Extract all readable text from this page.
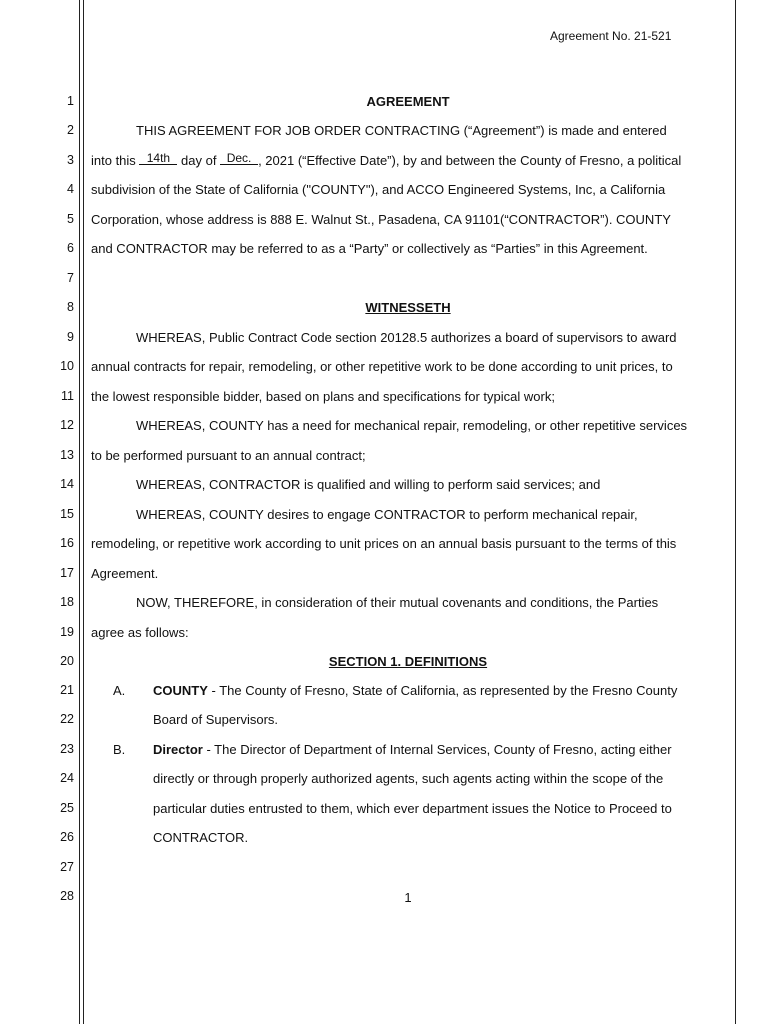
Agreement No. 21-521
1
2
3
4
5
6
7
8
9
10
11
12
13
14
15
16
17
18
19
20
21
22
23
24
25
26
27
28
AGREEMENT
THIS AGREEMENT FOR JOB ORDER CONTRACTING (“Agreement”) is made and entered
into this 14th day of Dec. , 2021 (“Effective Date”), by and between the County of Fresno, a political
subdivision of the State of California ("COUNTY"), and ACCO Engineered Systems, Inc, a California
Corporation, whose address is 888 E. Walnut St., Pasadena, CA 91101(“CONTRACTOR”). COUNTY
and CONTRACTOR may be referred to as a “Party” or collectively as “Parties” in this Agreement.
WITNESSETH
WHEREAS, Public Contract Code section 20128.5 authorizes a board of supervisors to award
annual contracts for repair, remodeling, or other repetitive work to be done according to unit prices, to
the lowest responsible bidder, based on plans and specifications for typical work;
WHEREAS, COUNTY has a need for mechanical repair, remodeling, or other repetitive services
to be performed pursuant to an annual contract;
WHEREAS, CONTRACTOR is qualified and willing to perform said services; and
WHEREAS, COUNTY desires to engage CONTRACTOR to perform mechanical repair,
remodeling, or repetitive work according to unit prices on an annual basis pursuant to the terms of this
Agreement.
NOW, THEREFORE, in consideration of their mutual covenants and conditions, the Parties
agree as follows:
SECTION 1. DEFINITIONS
A. COUNTY - The County of Fresno, State of California, as represented by the Fresno County
Board of Supervisors.
B. Director - The Director of Department of Internal Services, County of Fresno, acting either
directly or through properly authorized agents, such agents acting within the scope of the
particular duties entrusted to them, which ever department issues the Notice to Proceed to
CONTRACTOR.
1
